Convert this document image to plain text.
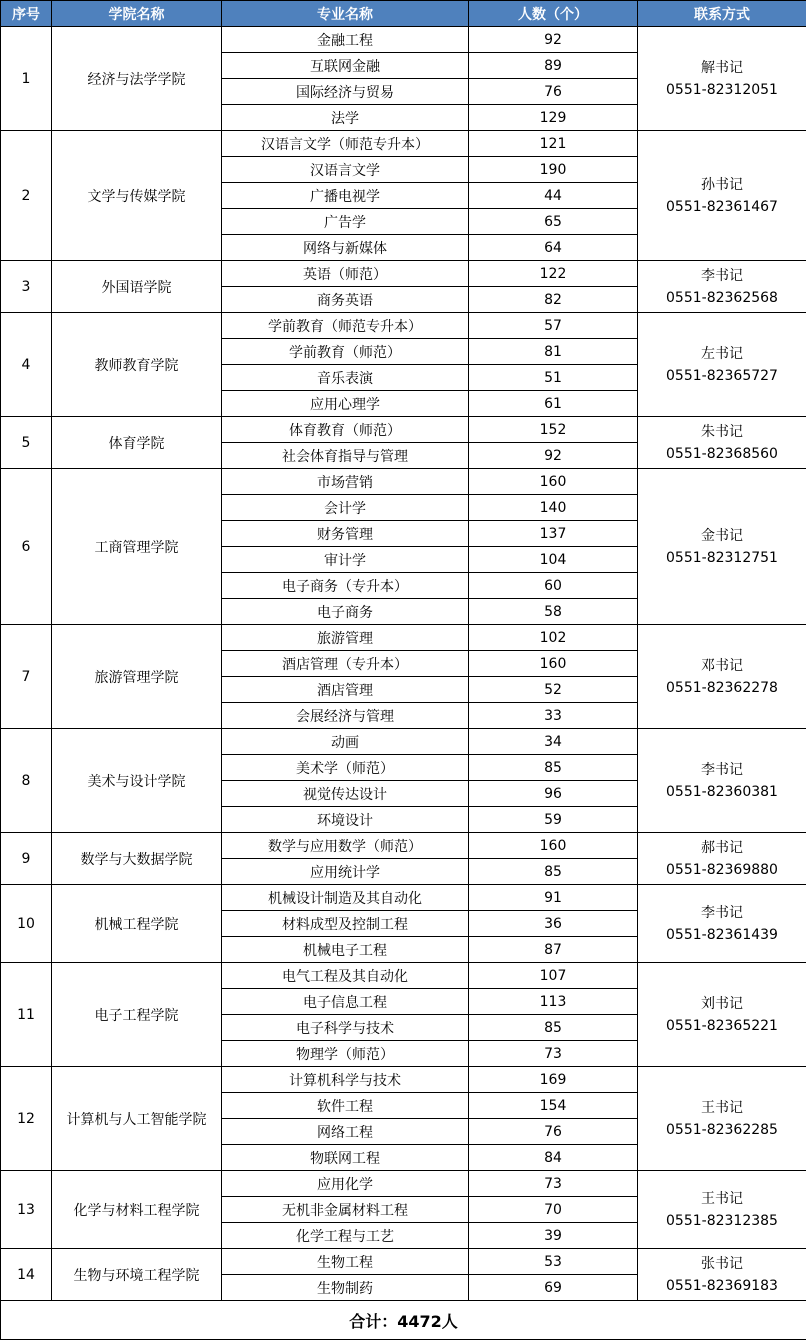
序号	学院名称	专业名称	人数（个）	联系方式
1	经济与法学学院	金融工程	92	解书记
0551-82312051

		互联网金融	89	
		国际经济与贸易	76	
		法学	129	
2	文学与传媒学院	汉语言文学（师范专升本）	121	孙书记
0551-82361467

		汉语言文学	190	
		广播电视学	44	
		广告学	65	
		网络与新媒体	64	
3	外国语学院	英语（师范）	122	李书记
0551-82362568

		商务英语	82	
4	教师教育学院	学前教育（师范专升本）	57	左书记
0551-82365727

		学前教育（师范）	81	
		音乐表演	51	
		应用心理学	61	
5	体育学院	体育教育（师范）	152	朱书记
0551-82368560

		社会体育指导与管理	92	
6	工商管理学院	市场营销	160	金书记
0551-82312751

		会计学	140	
		财务管理	137	
		审计学	104	
		电子商务（专升本）	60	
		电子商务	58	
7	旅游管理学院	旅游管理	102	邓书记
0551-82362278

		酒店管理（专升本）	160	
		酒店管理	52	
		会展经济与管理	33	
8	美术与设计学院	动画	34	李书记
0551-82360381

		美术学（师范）	85	
		视觉传达设计	96	
		环境设计	59	
9	数学与大数据学院	数学与应用数学（师范）	160	郝书记
0551-82369880

		应用统计学	85	
10	机械工程学院	机械设计制造及其自动化	91	李书记
0551-82361439

		材料成型及控制工程	36	
		机械电子工程	87	
11	电子工程学院	电气工程及其自动化	107	刘书记
0551-82365221

		电子信息工程	113	
		电子科学与技术	85	
		物理学（师范）	73	
12	计算机与人工智能学院	计算机科学与技术	169	王书记
0551-82362285

		软件工程	154	
		网络工程	76	
		物联网工程	84	
13	化学与材料工程学院	应用化学	73	王书记
0551-82312385

		无机非金属材料工程	70	
		化学工程与工艺	39	
14	生物与环境工程学院	生物工程	53	张书记
0551-82369183

		生物制药	69	
合计：4472人				
